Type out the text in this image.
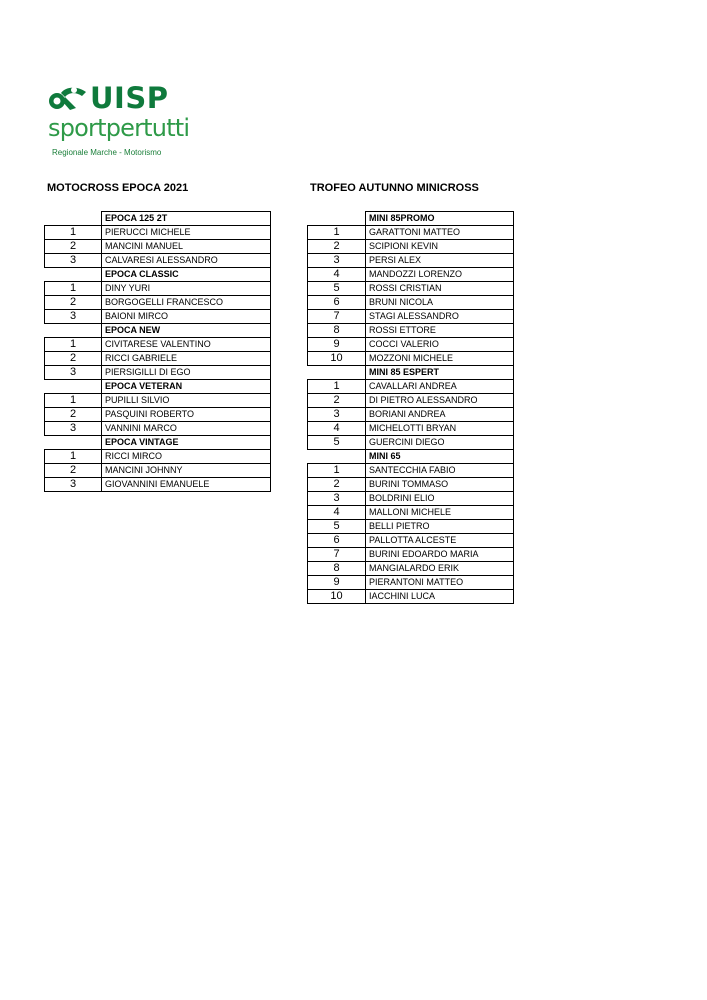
UISP
sportpertutti
Regionale Marche - Motorismo
MOTOCROSS EPOCA 2021	TROFEO AUTUNNO MINICROSS
	EPOCA 125 2T
1	PIERUCCI MICHELE
2	MANCINI MANUEL
3	CALVARESI ALESSANDRO
	EPOCA CLASSIC
1	DINY YURI
2	BORGOGELLI FRANCESCO
3	BAIONI MIRCO
	EPOCA NEW
1	CIVITARESE VALENTINO
2	RICCI GABRIELE
3	PIERSIGILLI DI EGO
	EPOCA VETERAN
1	PUPILLI SILVIO
2	PASQUINI ROBERTO
3	VANNINI MARCO
	EPOCA VINTAGE
1	RICCI MIRCO
2	MANCINI JOHNNY
3	GIOVANNINI EMANUELE
	MINI 85PROMO
1	GARATTONI MATTEO
2	SCIPIONI KEVIN
3	PERSI ALEX
4	MANDOZZI LORENZO
5	ROSSI CRISTIAN
6	BRUNI NICOLA
7	STAGI ALESSANDRO
8	ROSSI ETTORE
9	COCCI VALERIO
10	MOZZONI MICHELE
	MINI 85 ESPERT
1	CAVALLARI ANDREA
2	DI PIETRO ALESSANDRO
3	BORIANI ANDREA
4	MICHELOTTI BRYAN
5	GUERCINI DIEGO
	MINI 65
1	SANTECCHIA FABIO
2	BURINI TOMMASO
3	BOLDRINI ELIO
4	MALLONI MICHELE
5	BELLI PIETRO
6	PALLOTTA ALCESTE
7	BURINI EDOARDO MARIA
8	MANGIALARDO ERIK
9	PIERANTONI MATTEO
10	IACCHINI LUCA
